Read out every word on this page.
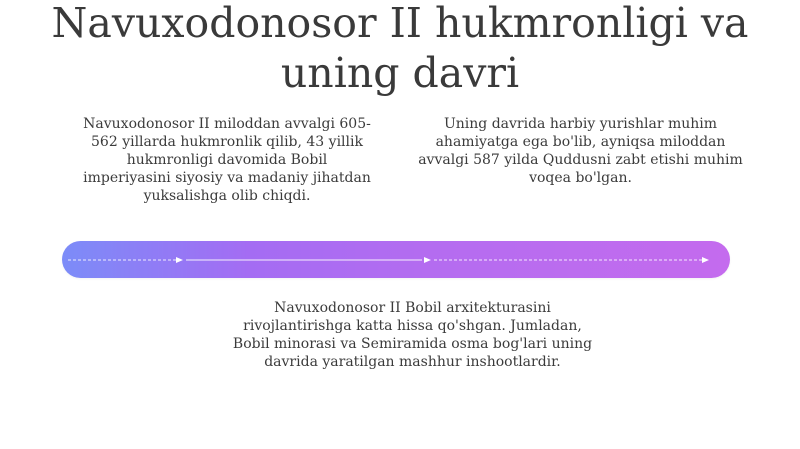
Navuxodonosor II hukmronligi va uning davri
Navuxodonosor II miloddan avvalgi 605-562 yillarda hukmronlik qilib, 43 yillik hukmronligi davomida Bobil imperiyasini siyosiy va madaniy jihatdan yuksalishga olib chiqdi.
Uning davrida harbiy yurishlar muhim ahamiyatga ega bo'lib, ayniqsa miloddan avvalgi 587 yilda Quddusni zabt etishi muhim voqea bo'lgan.
Navuxodonosor II Bobil arxitekturasini rivojlantirishga katta hissa qo'shgan. Jumladan, Bobil minorasi va Semiramida osma bog'lari uning davrida yaratilgan mashhur inshootlardir.
